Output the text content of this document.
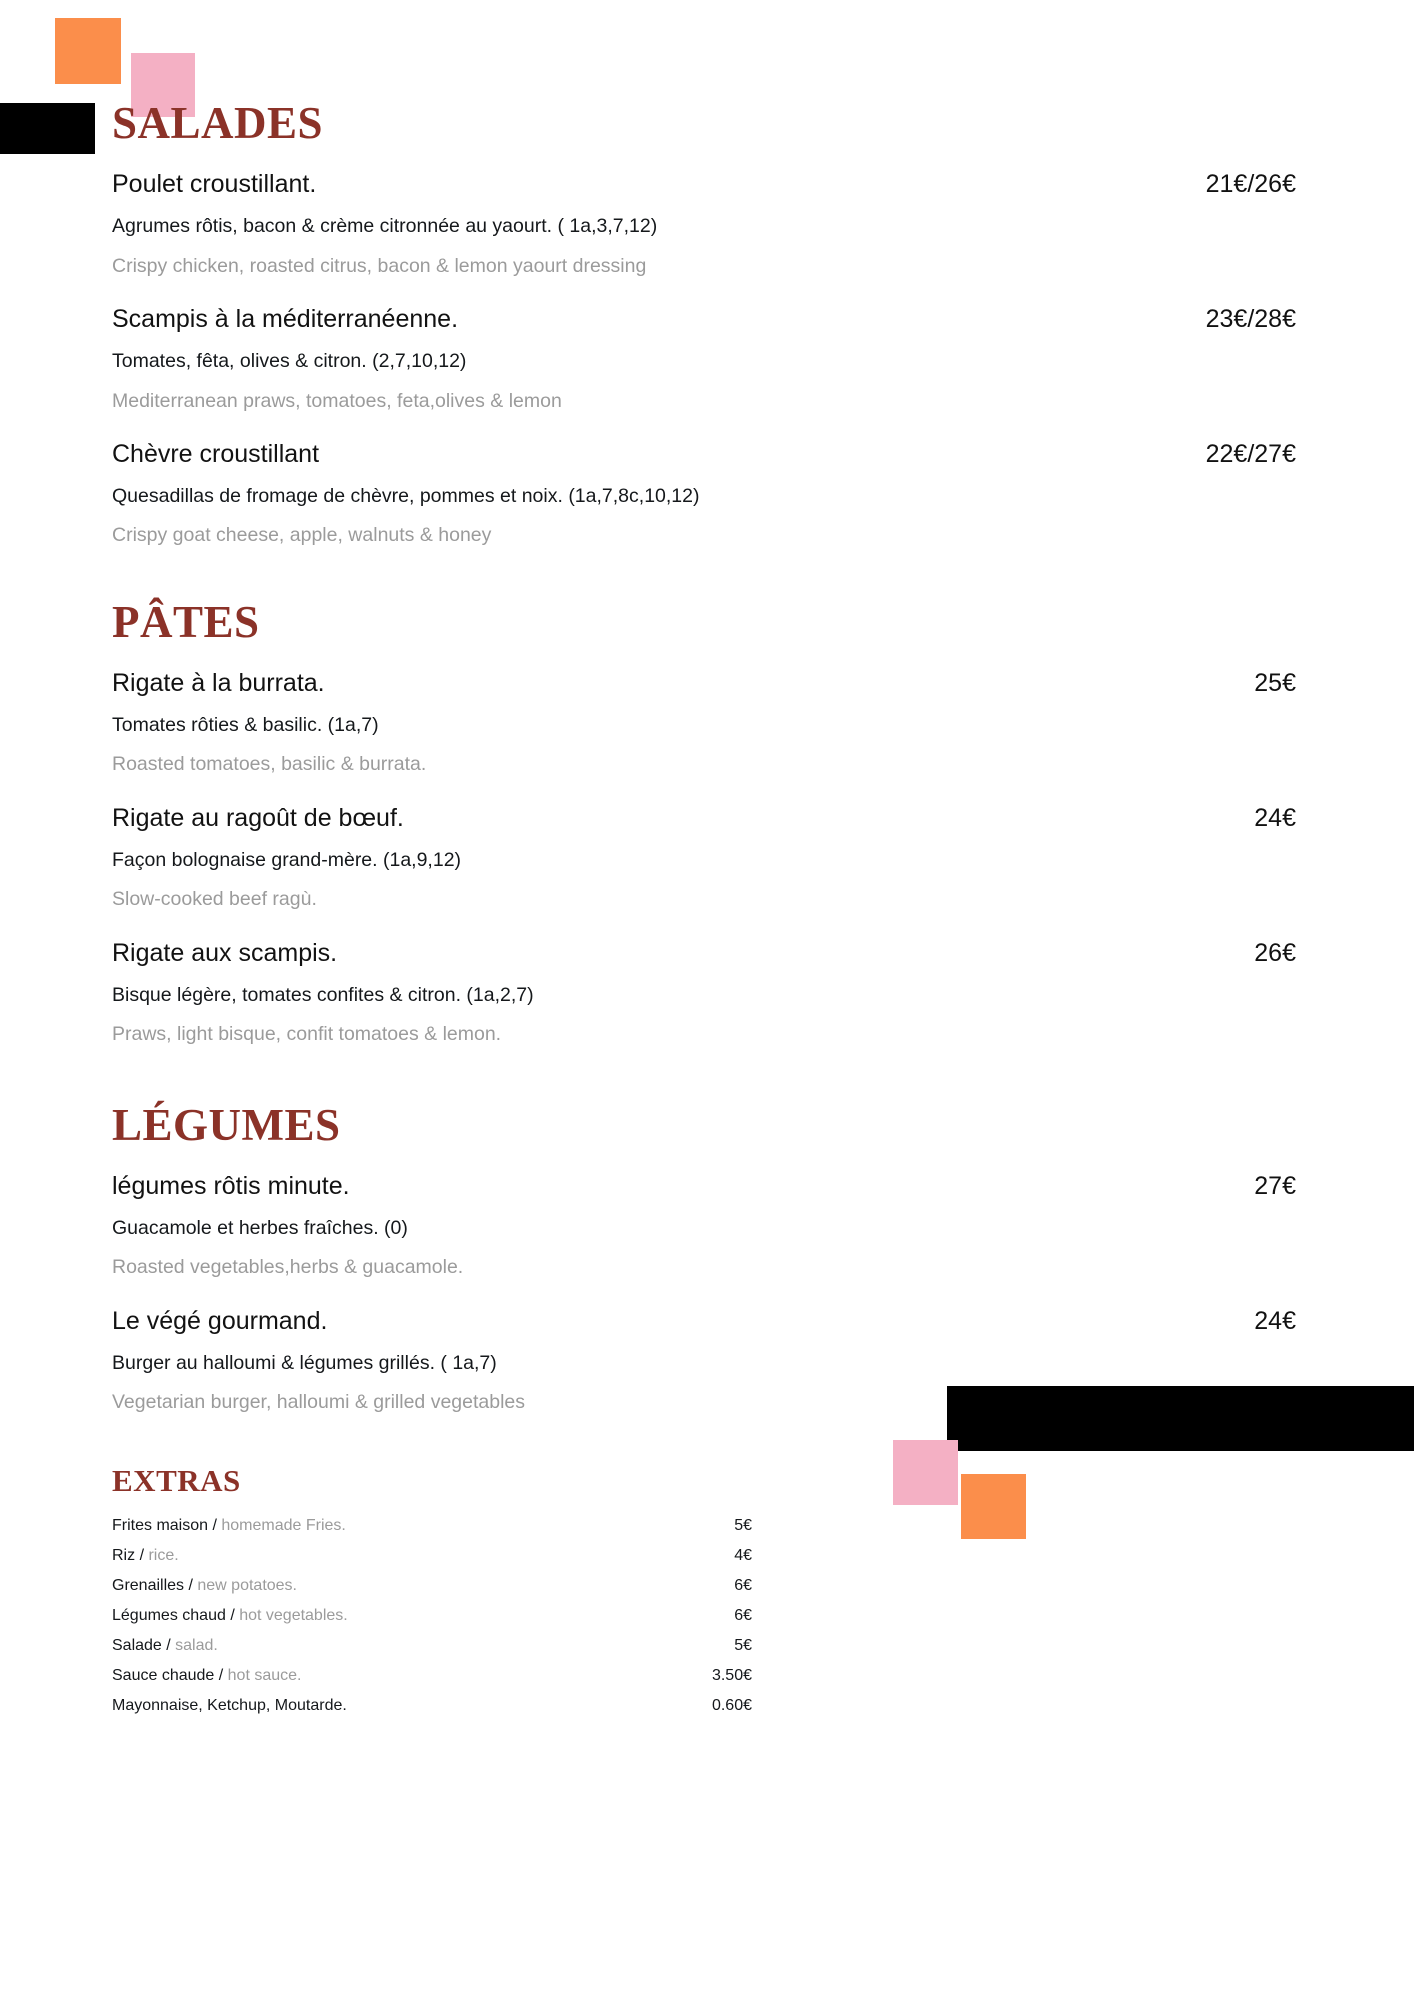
SALADES
Poulet croustillant.	21€/26€
Agrumes rôtis, bacon & crème citronnée au yaourt. ( 1a,3,7,12)
Crispy chicken, roasted citrus, bacon & lemon yaourt dressing
Scampis à la méditerranéenne.	23€/28€
Tomates, fêta, olives & citron. (2,7,10,12)
Mediterranean praws, tomatoes, feta,olives & lemon
Chèvre croustillant	22€/27€
Quesadillas de fromage de chèvre, pommes et noix. (1a,7,8c,10,12)
Crispy goat cheese, apple, walnuts & honey
PÂTES
Rigate à la burrata.	25€
Tomates rôties & basilic. (1a,7)
Roasted tomatoes, basilic & burrata.
Rigate au ragoût de bœuf.	24€
Façon bolognaise grand-mère. (1a,9,12)
Slow-cooked beef ragù.
Rigate aux scampis.	26€
Bisque légère, tomates confites & citron. (1a,2,7)
Praws, light bisque, confit tomatoes & lemon.
LÉGUMES
légumes rôtis minute.	27€
Guacamole et herbes fraîches. (0)
Roasted vegetables,herbs & guacamole.
Le végé gourmand.	24€
Burger au halloumi & légumes grillés. ( 1a,7)
Vegetarian burger, halloumi & grilled vegetables
EXTRAS
Frites maison / homemade Fries.	5€
Riz / rice.	4€
Grenailles / new potatoes.	6€
Légumes chaud / hot vegetables.	6€
Salade / salad.	5€
Sauce chaude / hot sauce.	3.50€
Mayonnaise, Ketchup, Moutarde.	0.60€
